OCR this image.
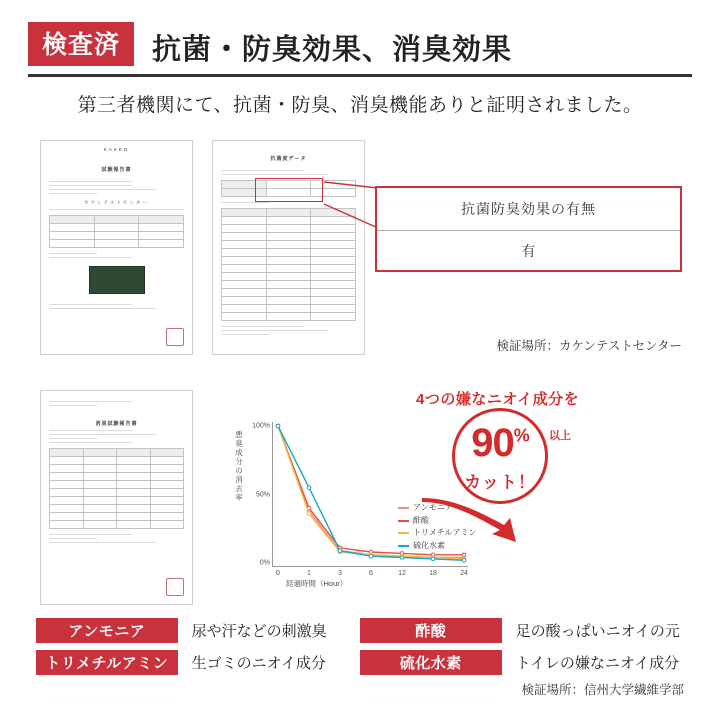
検査済	抗菌・防臭効果、消臭効果
第三者機関にて、抗菌・防臭、消臭機能ありと証明されました。
KAKEN
試験報告書
カケンテストセンター
抗菌度データ
抗菌防臭効果の有無
有
検証場所：カケンテストセンター
消臭試験報告書
悪臭成分の消去率
0%
50%
100%
0	1	3	6	12	18	24
経過時間（Hour）
アンモニア
酢酸
トリメチルアミン
硫化水素
4つの嫌なニオイ成分を
90%	以上
カット！
アンモニア	尿や汗などの刺激臭	酢酸	足の酸っぱいニオイの元
トリメチルアミン	生ゴミのニオイ成分	硫化水素	トイレの嫌なニオイ成分
検証場所：信州大学繊維学部
